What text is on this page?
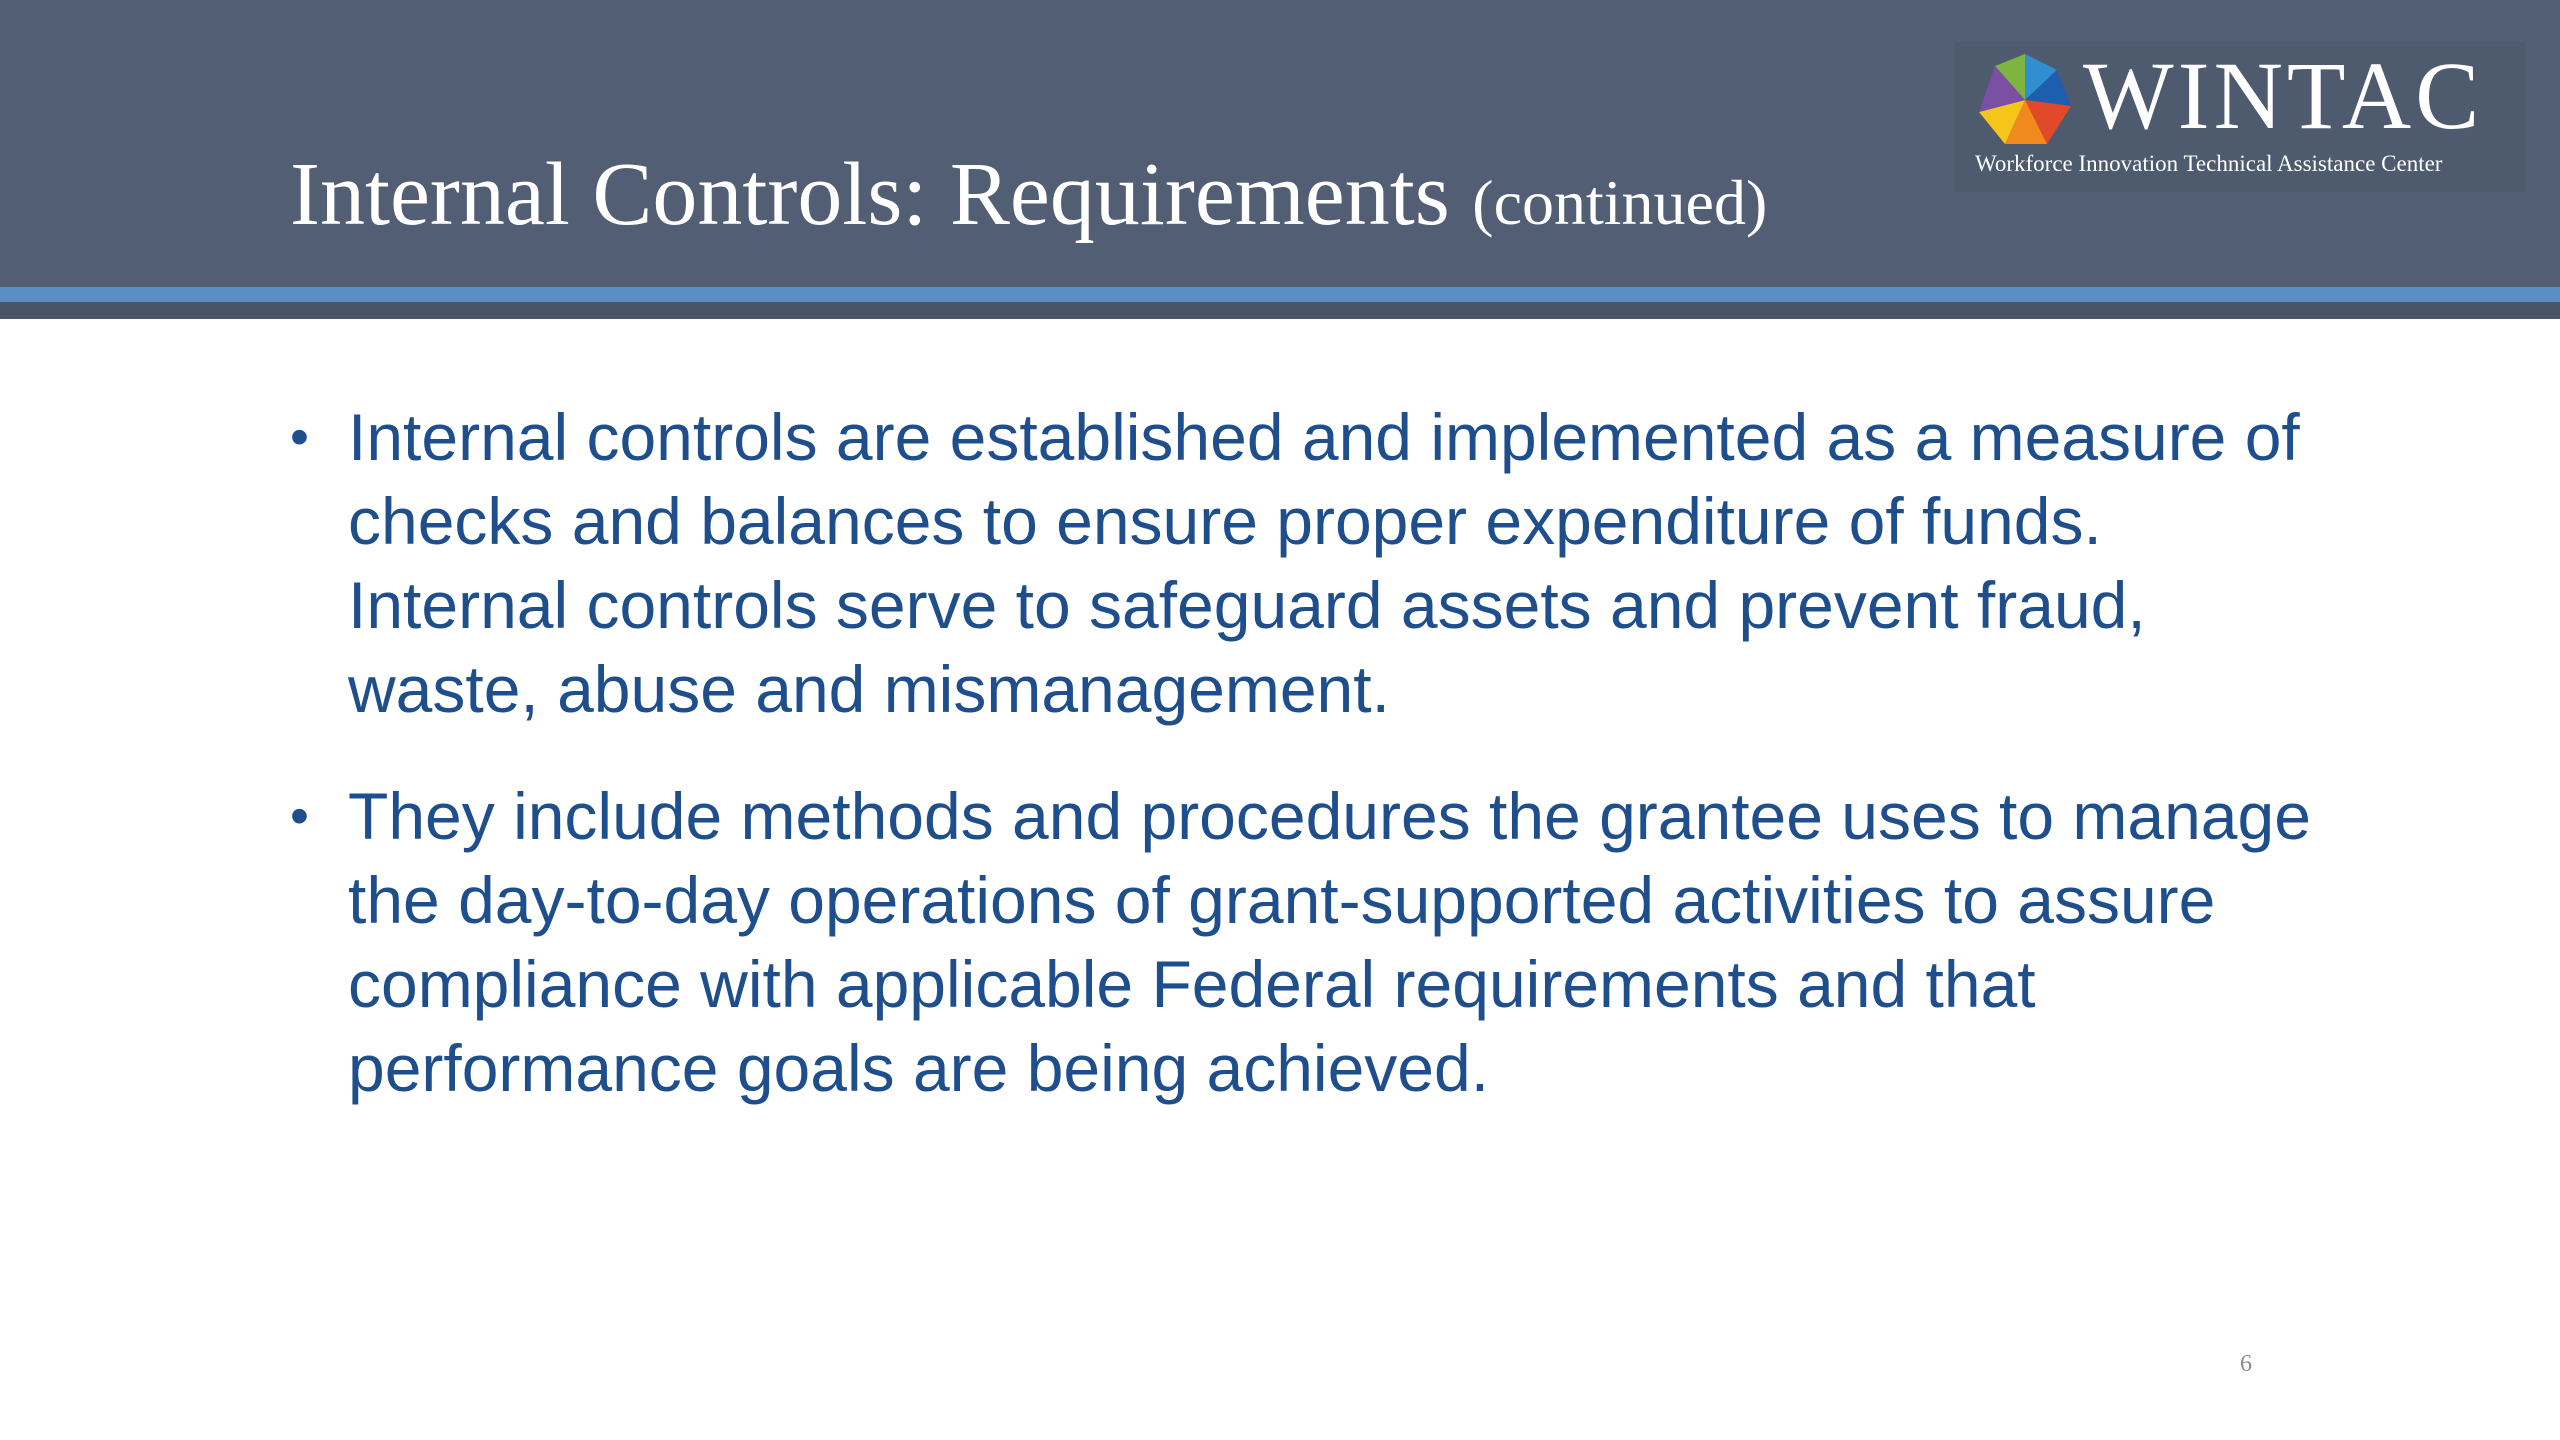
Internal Controls: Requirements (continued)
WINTAC
Workforce Innovation Technical Assistance Center
• Internal controls are established and implemented as a measure of checks and balances to ensure proper expenditure of funds. Internal controls serve to safeguard assets and prevent fraud, waste, abuse and mismanagement.
• They include methods and procedures the grantee uses to manage the day-to-day operations of grant-supported activities to assure compliance with applicable Federal requirements and that performance goals are being achieved.
6
